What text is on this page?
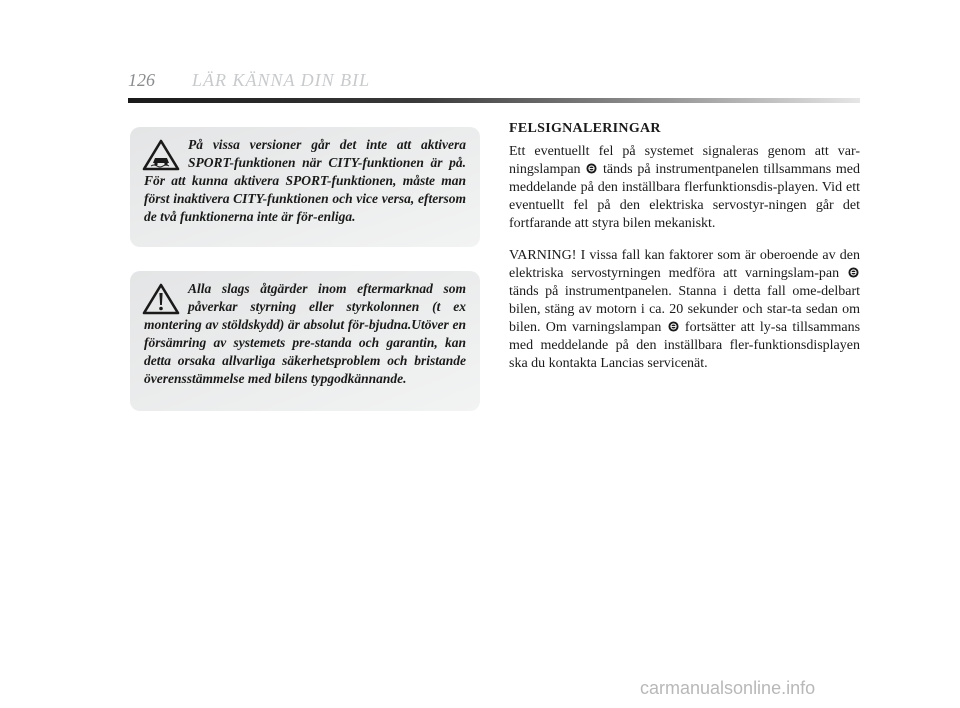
126 LÄR KÄNNA DIN BIL

På vissa versioner går det inte att aktivera SPORT-funktionen när CITY-funktionen är på. För att kunna aktivera SPORT-funktionen, måste man först inaktivera CITY-funktionen och vice versa, eftersom de två funktionerna inte är för-enliga.

Alla slags åtgärder inom eftermarknad som påverkar styrning eller styrkolonnen (t ex montering av stöldskydd) är absolut för-bjudna.Utöver en försämring av systemets pre-standa och garantin, kan detta orsaka allvarliga säkerhetsproblem och bristande överensstämmelse med bilens typgodkännande.

FELSIGNALERINGAR

Ett eventuellt fel på systemet signaleras genom att var-ningslampan tänds på instrumentpanelen tillsammans med meddelande på den inställbara flerfunktionsdis-playen. Vid ett eventuellt fel på den elektriska servostyr-ningen går det fortfarande att styra bilen mekaniskt.

VARNING! I vissa fall kan faktorer som är oberoende av den elektriska servostyrningen medföra att varningslam-pan  tänds på instrumentpanelen. Stanna i detta fall ome-delbart bilen, stäng av motorn i ca. 20 sekunder och star-ta sedan om bilen. Om varningslampan fortsätter att ly-sa tillsammans med meddelande på den inställbara fler-funktionsdisplayen ska du kontakta Lancias servicenät.

carmanualsonline.info
